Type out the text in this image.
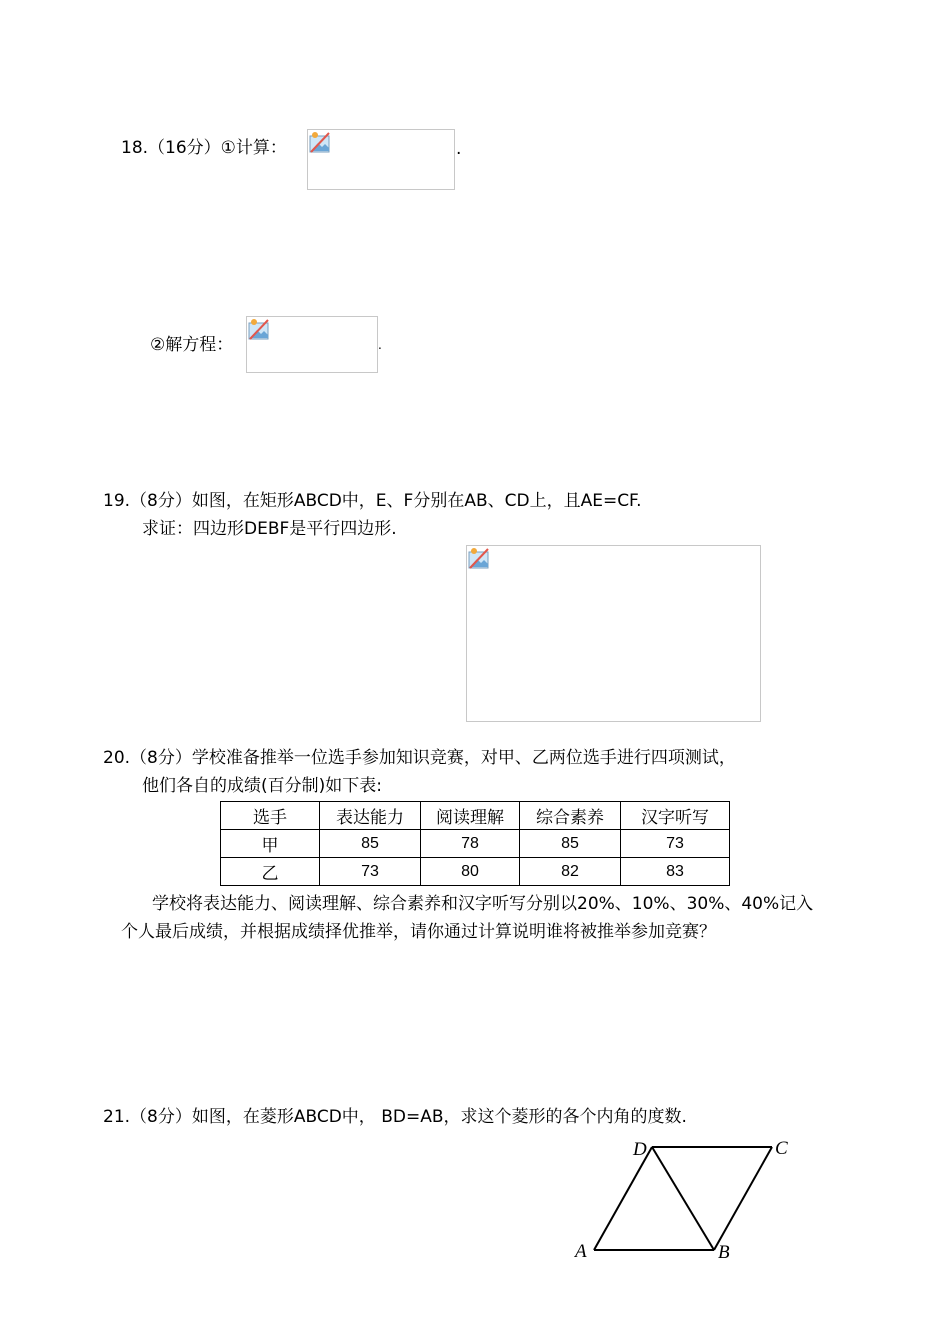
18.（16分）①计算：	.
②解方程：	.
19.（8分）如图，在矩形ABCD中，E、F分别在AB、CD上，且AE=CF.
求证：四边形DEBF是平行四边形.
20.（8分）学校准备推举一位选手参加知识竞赛，对甲、乙两位选手进行四项测试，
他们各自的成绩(百分制)如下表:
选手	表达能力	阅读理解	综合素养	汉字听写
甲	85	78	85	73
乙	73	80	82	83
学校将表达能力、阅读理解、综合素养和汉字听写分别以20%、10%、30%、40%记入
个人最后成绩，并根据成绩择优推举，请你通过计算说明谁将被推举参加竞赛？
21.（8分）如图，在菱形ABCD中， BD=AB，求这个菱形的各个内角的度数.
A	B
C
D
